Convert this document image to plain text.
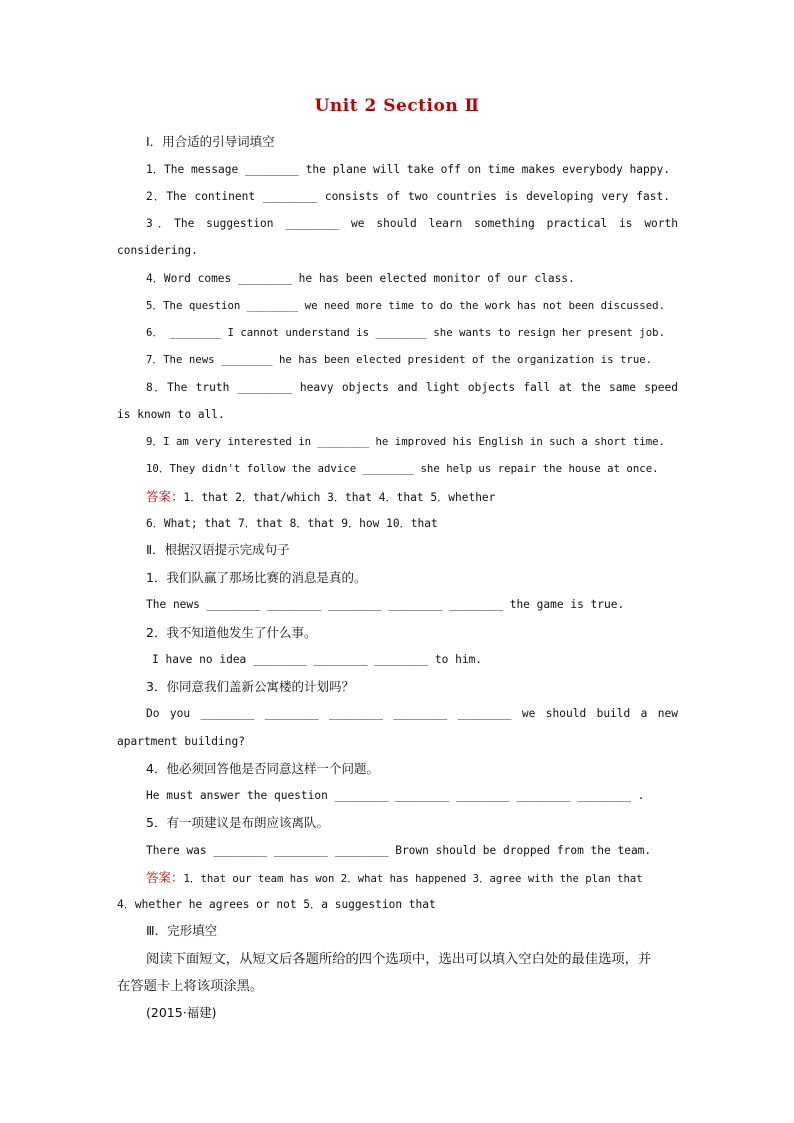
Unit 2 Section Ⅱ
Ⅰ．用合适的引导词填空
1．The message ________ the plane will take off on time makes everybody happy.
2．The continent ________ consists of two countries is developing very fast.
3．The suggestion ________ we should learn something practical is worth
considering.
4．Word comes ________ he has been elected monitor of our class.
5．The question ________ we need more time to do the work has not been discussed.
6． ________ I cannot understand is ________ she wants to resign her present job.
7．The news ________ he has been elected president of the organization is true.
8．The truth ________ heavy objects and light objects fall at the same speed
is known to all.
9．I am very interested in ________ he improved his English in such a short time.
10．They didn't follow the advice ________ she help us repair the house at once.
答案：1．that 2．that/which 3．that 4．that 5．whether
6．What; that 7．that 8．that 9．how 10．that
Ⅱ．根据汉语提示完成句子
1．我们队赢了那场比赛的消息是真的。
The news ________ ________ ________ ________ ________ the game is true.
2．我不知道他发生了什么事。
I have no idea ________ ________ ________ to him.
3．你同意我们盖新公寓楼的计划吗？
Do you ________ ________ ________ ________ ________ we should build a new
apartment building?
4．他必须回答他是否同意这样一个问题。
He must answer the question ________ ________ ________ ________ ________ .
5．有一项建议是布朗应该离队。
There was ________ ________ ________ Brown should be dropped from the team.
答案：1．that our team has won 2．what has happened 3．agree with the plan that
4．whether he agrees or not 5．a suggestion that
Ⅲ．完形填空
阅读下面短文，从短文后各题所给的四个选项中，选出可以填入空白处的最佳选项，并
在答题卡上将该项涂黑。
(2015·福建)
